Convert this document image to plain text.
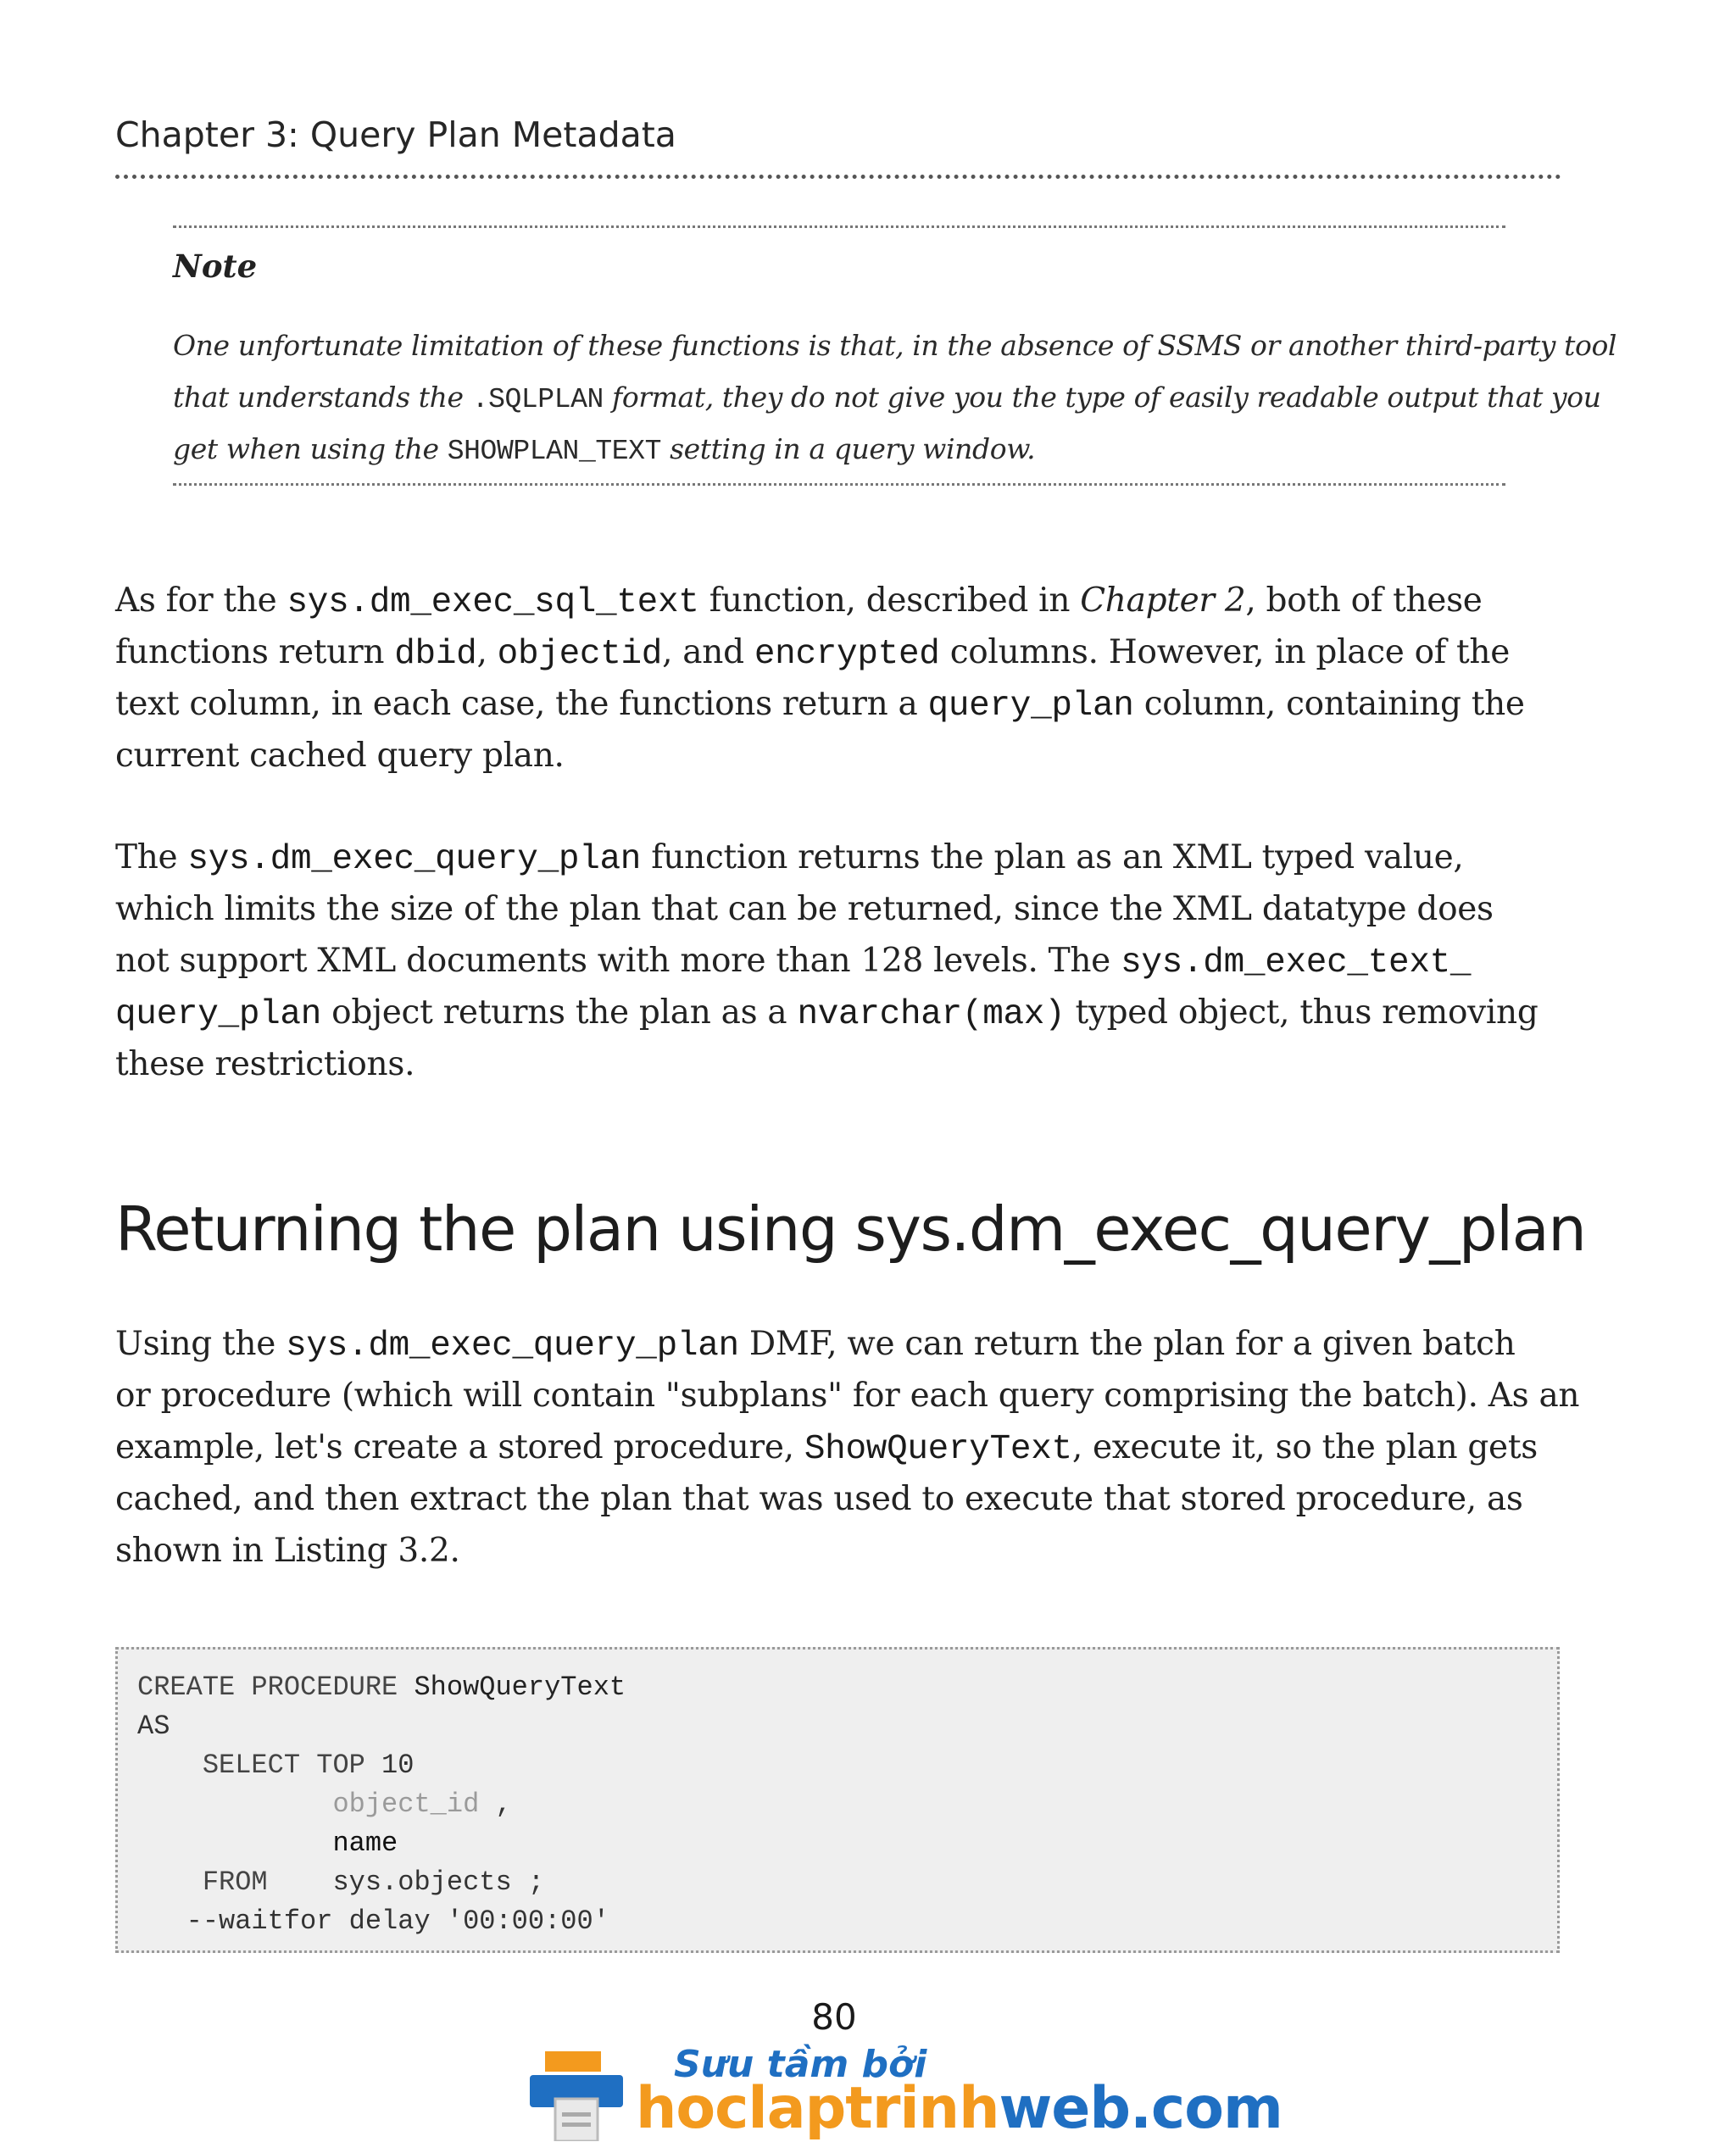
Chapter 3: Query Plan Metadata
Note
One unfortunate limitation of these functions is that, in the absence of SSMS or another third-party tool
that understands the .SQLPLAN format, they do not give you the type of easily readable output that you
get when using the SHOWPLAN_TEXT setting in a query window.
As for the sys.dm_exec_sql_text function, described in Chapter 2, both of these
functions return dbid, objectid, and encrypted columns. However, in place of the
text column, in each case, the functions return a query_plan column, containing the
current cached query plan.
The sys.dm_exec_query_plan function returns the plan as an XML typed value,
which limits the size of the plan that can be returned, since the XML datatype does
not support XML documents with more than 128 levels. The sys.dm_exec_text_
query_plan object returns the plan as a nvarchar(max) typed object, thus removing
these restrictions.
Returning the plan using sys.dm_exec_query_plan
Using the sys.dm_exec_query_plan DMF, we can return the plan for a given batch
or procedure (which will contain "subplans" for each query comprising the batch). As an
example, let's create a stored procedure, ShowQueryText, execute it, so the plan gets
cached, and then extract the plan that was used to execute that stored procedure, as
shown in Listing 3.2.
CREATE PROCEDURE ShowQueryText
AS
SELECT TOP 10
object_id ,
name
FROM    sys.objects ;
--waitfor delay '00:00:00'
80
Sưu tầm bởi
hoclaptrinhweb.com
